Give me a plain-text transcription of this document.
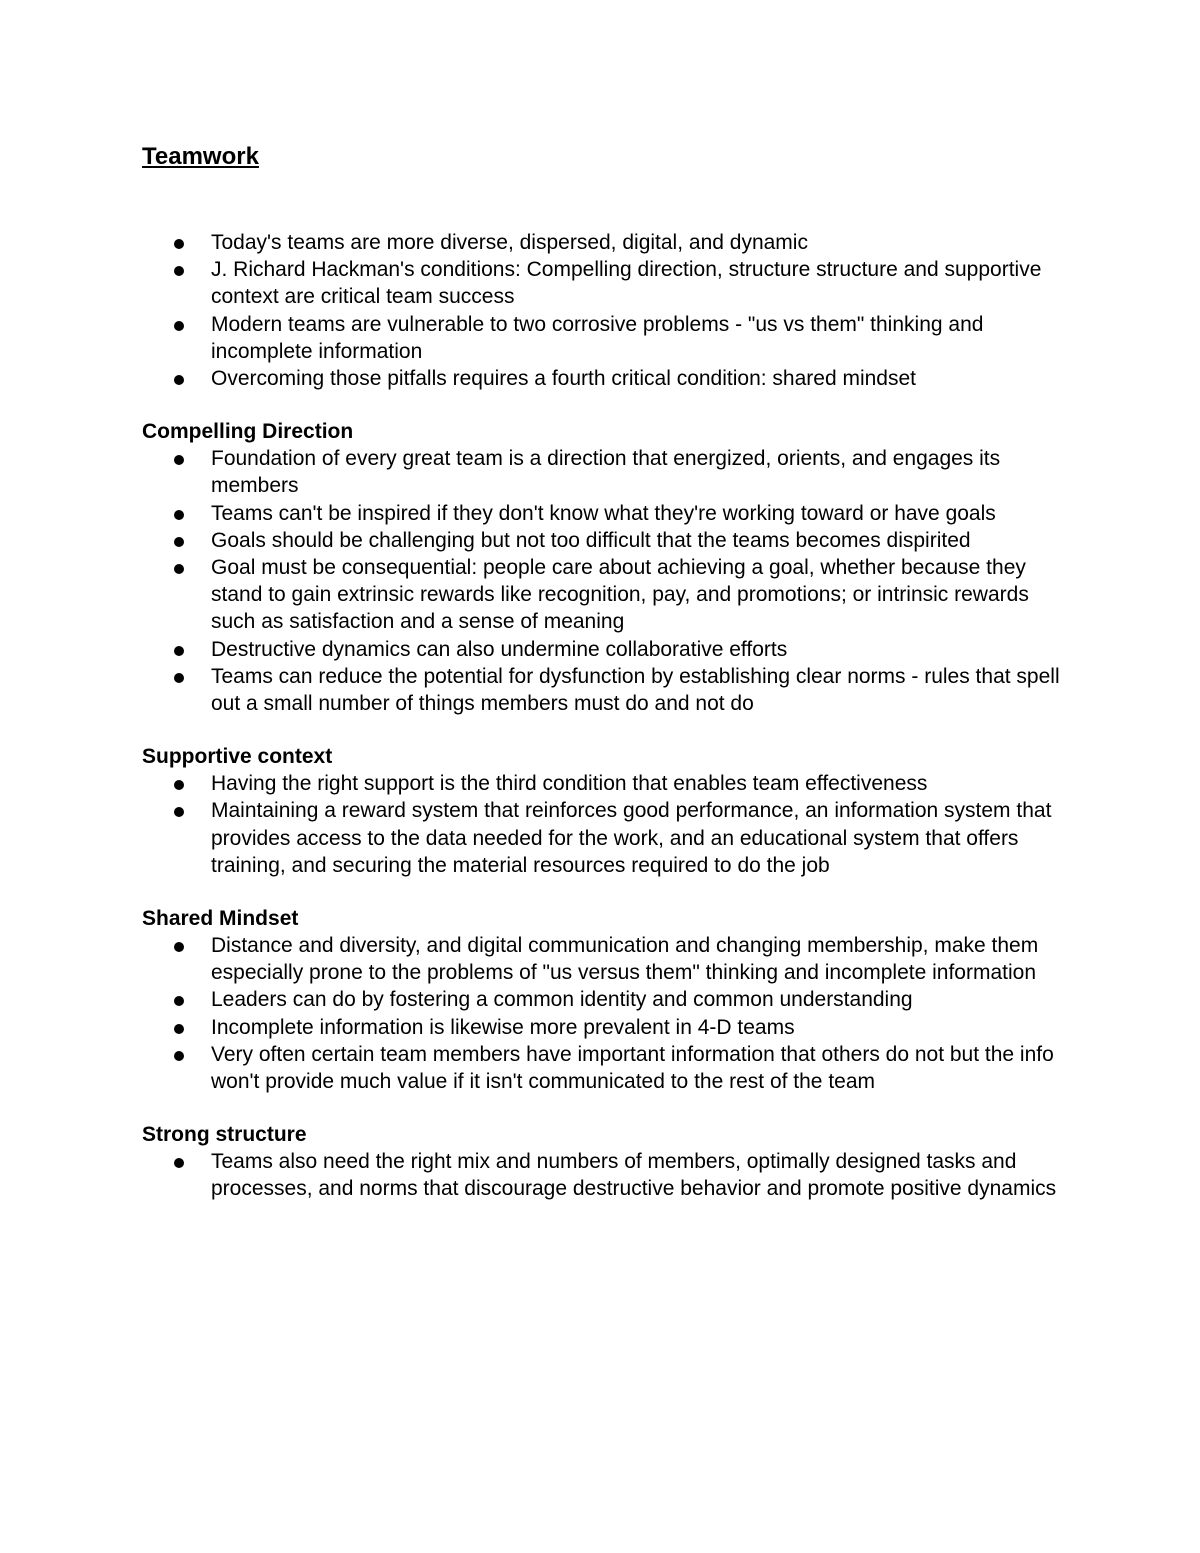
Teamwork
Today's teams are more diverse, dispersed, digital, and dynamic
J. Richard Hackman's conditions: Compelling direction, structure structure and supportive context are critical team success
Modern teams are vulnerable to two corrosive problems - "us vs them" thinking and incomplete information
Overcoming those pitfalls requires a fourth critical condition: shared mindset
Compelling Direction
Foundation of every great team is a direction that energized, orients, and engages its members
Teams can't be inspired if they don't know what they're working toward or have goals
Goals should be challenging but not too difficult that the teams becomes dispirited
Goal must be consequential: people care about achieving a goal, whether because they stand to gain extrinsic rewards like recognition, pay, and promotions; or intrinsic rewards such as satisfaction and a sense of meaning
Destructive dynamics can also undermine collaborative efforts
Teams can reduce the potential for dysfunction by establishing clear norms - rules that spell out a small number of things members must do and not do
Supportive context
Having the right support is the third condition that enables team effectiveness
Maintaining a reward system that reinforces good performance, an information system that provides access to the data needed for the work, and an educational system that offers training, and securing the material resources required to do the job
Shared Mindset
Distance and diversity, and digital communication and changing membership, make them especially prone to the problems of "us versus them" thinking and incomplete information
Leaders can do by fostering a common identity and common understanding
Incomplete information is likewise more prevalent in 4-D teams
Very often certain team members have important information that others do not but the info won't provide much value if it isn't communicated to the rest of the team
Strong structure
Teams also need the right mix and numbers of members, optimally designed tasks and processes, and norms that discourage destructive behavior and promote positive dynamics
